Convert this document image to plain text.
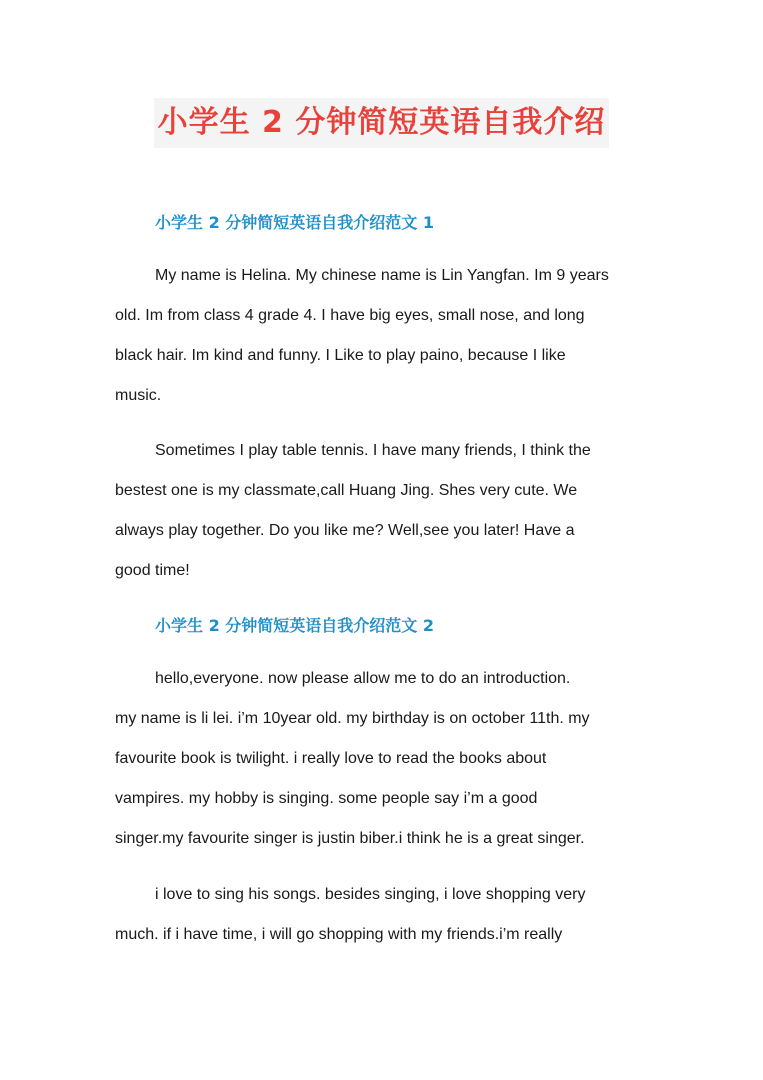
小学生 2 分钟简短英语自我介绍
小学生 2 分钟简短英语自我介绍范文 1
My name is Helina. My chinese name is Lin Yangfan. Im 9 years
old. Im from class 4 grade 4. I have big eyes, small nose, and long
black hair. Im kind and funny. I Like to play paino, because I like
music.
Sometimes I play table tennis. I have many friends, I think the
bestest one is my classmate,call Huang Jing. Shes very cute. We
always play together. Do you like me? Well,see you later! Have a
good time!
小学生 2 分钟简短英语自我介绍范文 2
hello,everyone. now please allow me to do an introduction.
my name is li lei. i’m 10year old. my birthday is on october 11th. my
favourite book is twilight. i really love to read the books about
vampires. my hobby is singing. some people say i’m a good
singer.my favourite singer is justin biber.i think he is a great singer.
i love to sing his songs. besides singing, i love shopping very
much. if i have time, i will go shopping with my friends.i’m really
